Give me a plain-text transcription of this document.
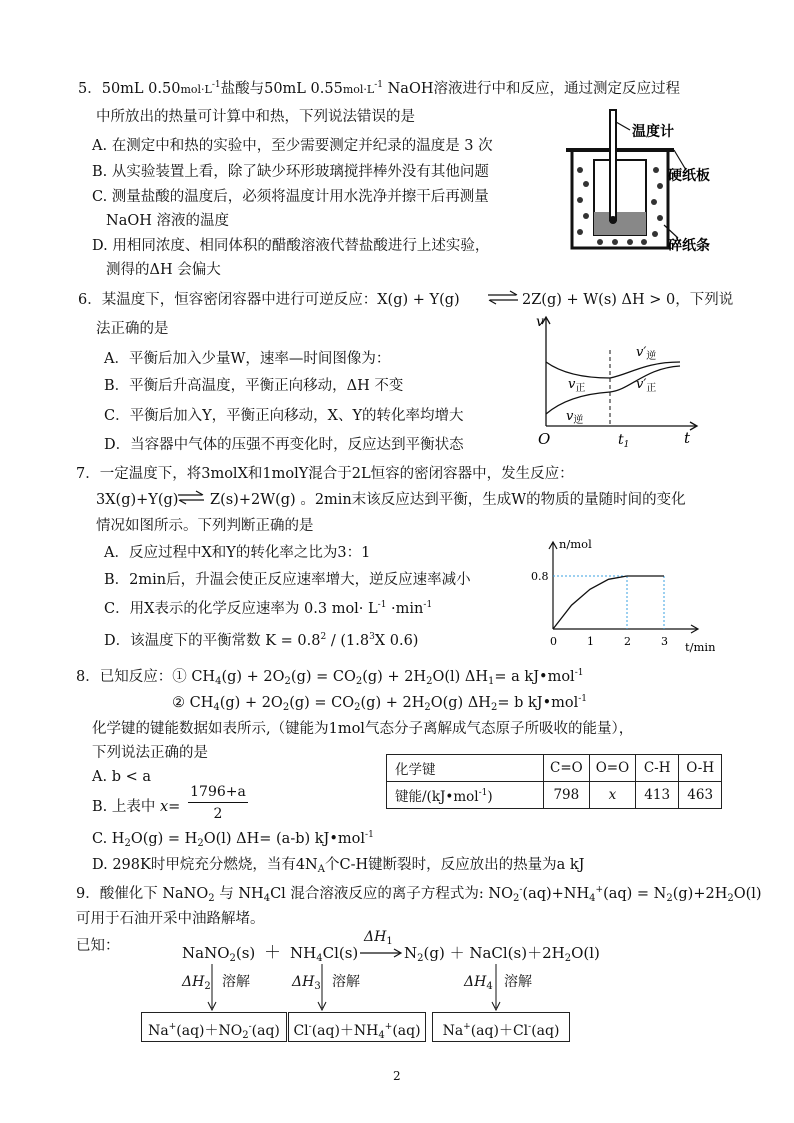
5．50mL $0.50mol\cdot L^{-1}$盐酸与50mL $0.55mol\cdot L^{-1}$ NaOH溶液进行中和反应，通过测定反应过程
中所放出的热量可计算中和热，下列说法错误的是
A. 在测定中和热的实验中，至少需要测定并纪录的温度是 3 次
B. 从实验装置上看，除了缺少环形玻璃搅拌棒外没有其他问题
C. 测量盐酸的温度后，必须将温度计用水洗净并擦干后再测量
NaOH 溶液的温度
D. 用相同浓度、相同体积的醋酸溶液代替盐酸进行上述实验，
测得的ΔH 会偏大
温度计
硬纸板
碎纸条
6．某温度下，恒容密闭容器中进行可逆反应：X(g) + Y(g)	2Z(g) + W(s) ΔH > 0，下列说
法正确的是
A．平衡后加入少量W，速率—时间图像为：
B．平衡后升高温度，平衡正向移动，ΔH 不变
C．平衡后加入Y，平衡正向移动，X、Y的转化率均增大
D．当容器中气体的压强不再变化时，反应达到平衡状态
v
t
O	$t_1$
$v_正$
$v_逆$
$v'_逆$
$v'_正$
7．一定温度下，将3molX和1molY混合于2L恒容的密闭容器中，发生反应：
3X(g)+Y(g) Z(s)+2W(g) 。2min末该反应达到平衡，生成W的物质的量随时间的变化
情况如图所示。下列判断正确的是
A．反应过程中X和Y的转化率之比为3：1
B．2min后，升温会使正反应速率增大，逆反应速率减小
C．用X表示的化学反应速率为 0.3 $mol\cdot L^{-1} \cdot\min^{-1}$
D．该温度下的平衡常数 $K = 0.8^2 / (1.8^3X$ 0.6)
n/mol
t/min
0.8
0	1	2	3
8．已知反应：① $CH_4(g) + 2O_2(g) = CO_2(g) + 2H_2O(l)$ $\Delta H_1= a$ kJ•mol$^{-1}$
② $CH_4(g) + 2O_2(g) = CO_2(g) + 2H_2O(g)$ $\Delta H_2= b$ kJ•mol$^{-1}$
化学键的键能数据如表所示,（键能为1mol气态分子离解成气态原子所吸收的能量），
下列说法正确的是
A. b < a
B. 上表中 x=
1796+a
2
C. $H_2O(g) = H_2O(l)$ ΔH= (a-b) kJ•mol$^{-1}$
D. 298K时甲烷充分燃烧，当有$4N_A$个C-H键断裂时，反应放出的热量为a kJ
化学键	C=O	O=O	C-H	O-H
键能/(kJ•mol$^{-1}$)	798	x	413	463
9．酸催化下 NaNO$_2$ 与 $NH_4Cl$ 混合溶液反应的离子方程式为: $NO_2^-(aq)+NH_4^+(aq) = N_2(g)+2H_2O(l)$
可用于石油开采中油路解堵。
已知：	NaNO$_2$(s) ＋ $NH_4Cl(s)$
$\Delta H_1$
→ $N_2(g)$ ＋ $NaCl(s)+2H_2O(l)$
$\Delta H_2$ 溶解	$\Delta H_3$ 溶解	$\Delta H_4$ 溶解
$Na^+(aq)+NO_2^-(aq)$ $Cl^-(aq)+NH_4^+(aq)$	Na+(aq)＋Cl-(aq)
2
